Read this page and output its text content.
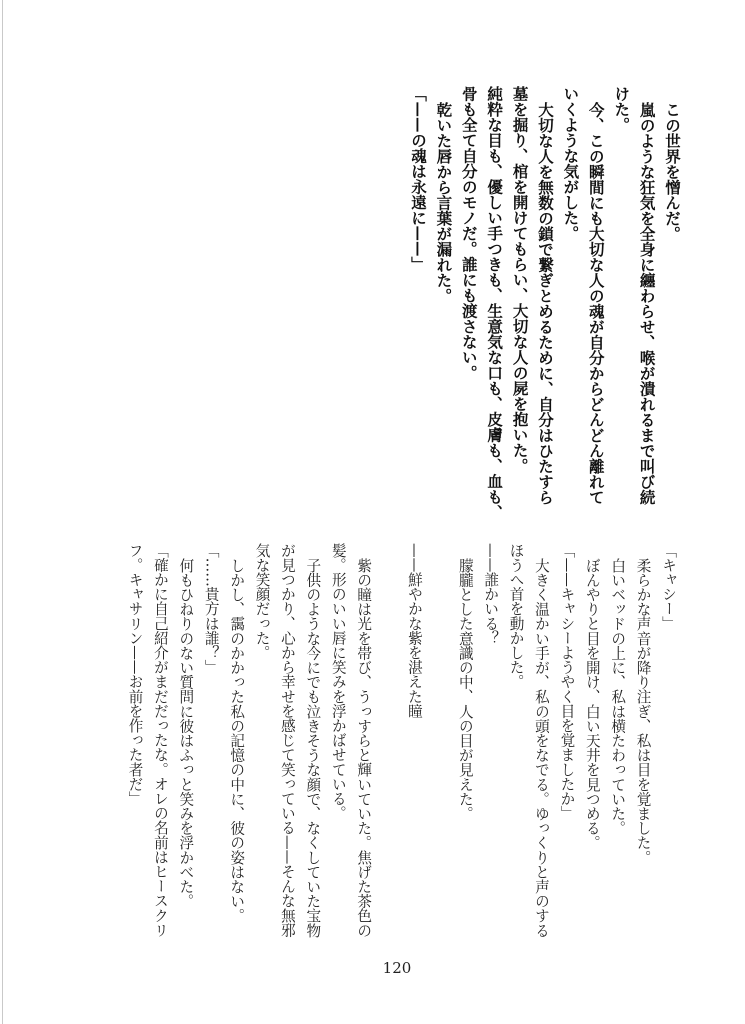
この世界を憎んだ。
嵐のような狂気を全身に纏わらせ、喉が潰れるまで叫び続
けた。
今、この瞬間にも大切な人の魂が自分からどんどん離れて
いくような気がした。
大切な人を無数の鎖で繋ぎとめるために、自分はひたすら
墓を掘り、棺を開けてもらい、大切な人の屍を抱いた。
純粋な目も、優しい手つきも、生意気な口も、皮膚も、血も、
骨も全て自分のモノだ。誰にも渡さない。
乾いた唇から言葉が漏れた。
「——の魂は永遠に——」
「キャシー」
柔らかな声音が降り注ぎ、私は目を覚ました。
白いベッドの上に、私は横たわっていた。
ぼんやりと目を開け、白い天井を見つめる。
「——キャシーようやく目を覚ましたか」
大きく温かい手が、私の頭をなでる。ゆっくりと声のする
ほうへ首を動かした。
——誰かいる？
朦朧とした意識の中、人の目が見えた。
——鮮やかな紫を湛えた瞳
紫の瞳は光を帯び、うっすらと輝いていた。焦げた茶色の
髪。形のいい唇に笑みを浮かばせている。
子供のような今にでも泣きそうな顔で、なくしていた宝物
が見つかり、心から幸せを感じて笑っている——そんな無邪
気な笑顔だった。
しかし、靄のかかった私の記憶の中に、彼の姿はない。
「……貴方は誰？」
何もひねりのない質問に彼はふっと笑みを浮かべた。
「確かに自己紹介がまだだったな。オレの名前はヒースクリ
フ。キャサリン——お前を作った者だ」
120
